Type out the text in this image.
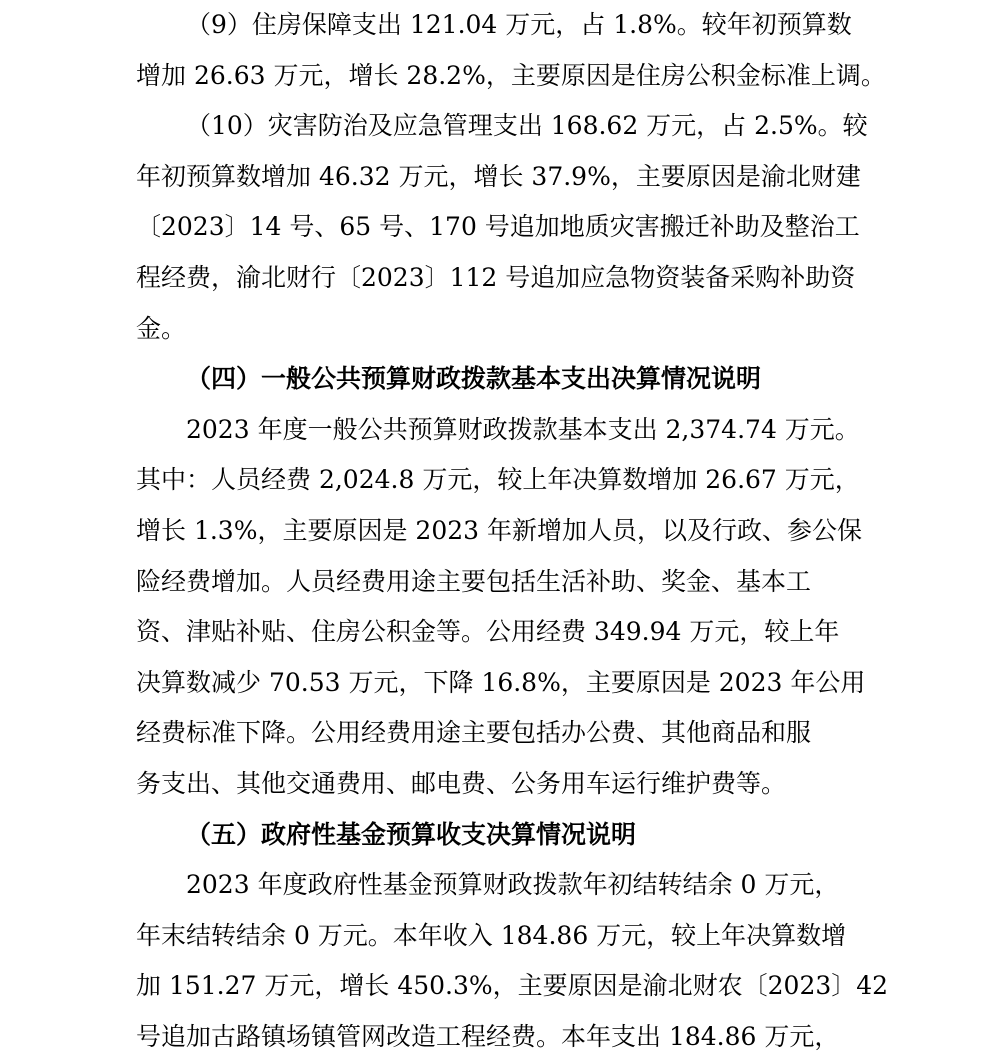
（9）住房保障支出 121.04 万元，占 1.8%。较年初预算数
增加 26.63 万元，增长 28.2%，主要原因是住房公积金标准上调。
（10）灾害防治及应急管理支出 168.62 万元，占 2.5%。较
年初预算数增加 46.32 万元，增长 37.9%，主要原因是渝北财建
〔2023〕14 号、65 号、170 号追加地质灾害搬迁补助及整治工
程经费，渝北财行〔2023〕112 号追加应急物资装备采购补助资
金。
（四）一般公共预算财政拨款基本支出决算情况说明
2023 年度一般公共预算财政拨款基本支出 2,374.74 万元。
其中：人员经费 2,024.8 万元，较上年决算数增加 26.67 万元，
增长 1.3%，主要原因是 2023 年新增加人员，以及行政、参公保
险经费增加。人员经费用途主要包括生活补助、奖金、基本工
资、津贴补贴、住房公积金等。公用经费 349.94 万元，较上年
决算数减少 70.53 万元，下降 16.8%，主要原因是 2023 年公用
经费标准下降。公用经费用途主要包括办公费、其他商品和服
务支出、其他交通费用、邮电费、公务用车运行维护费等。
（五）政府性基金预算收支决算情况说明
2023 年度政府性基金预算财政拨款年初结转结余 0 万元，
年末结转结余 0 万元。本年收入 184.86 万元，较上年决算数增
加 151.27 万元，增长 450.3%，主要原因是渝北财农〔2023〕42
号追加古路镇场镇管网改造工程经费。本年支出 184.86 万元，
